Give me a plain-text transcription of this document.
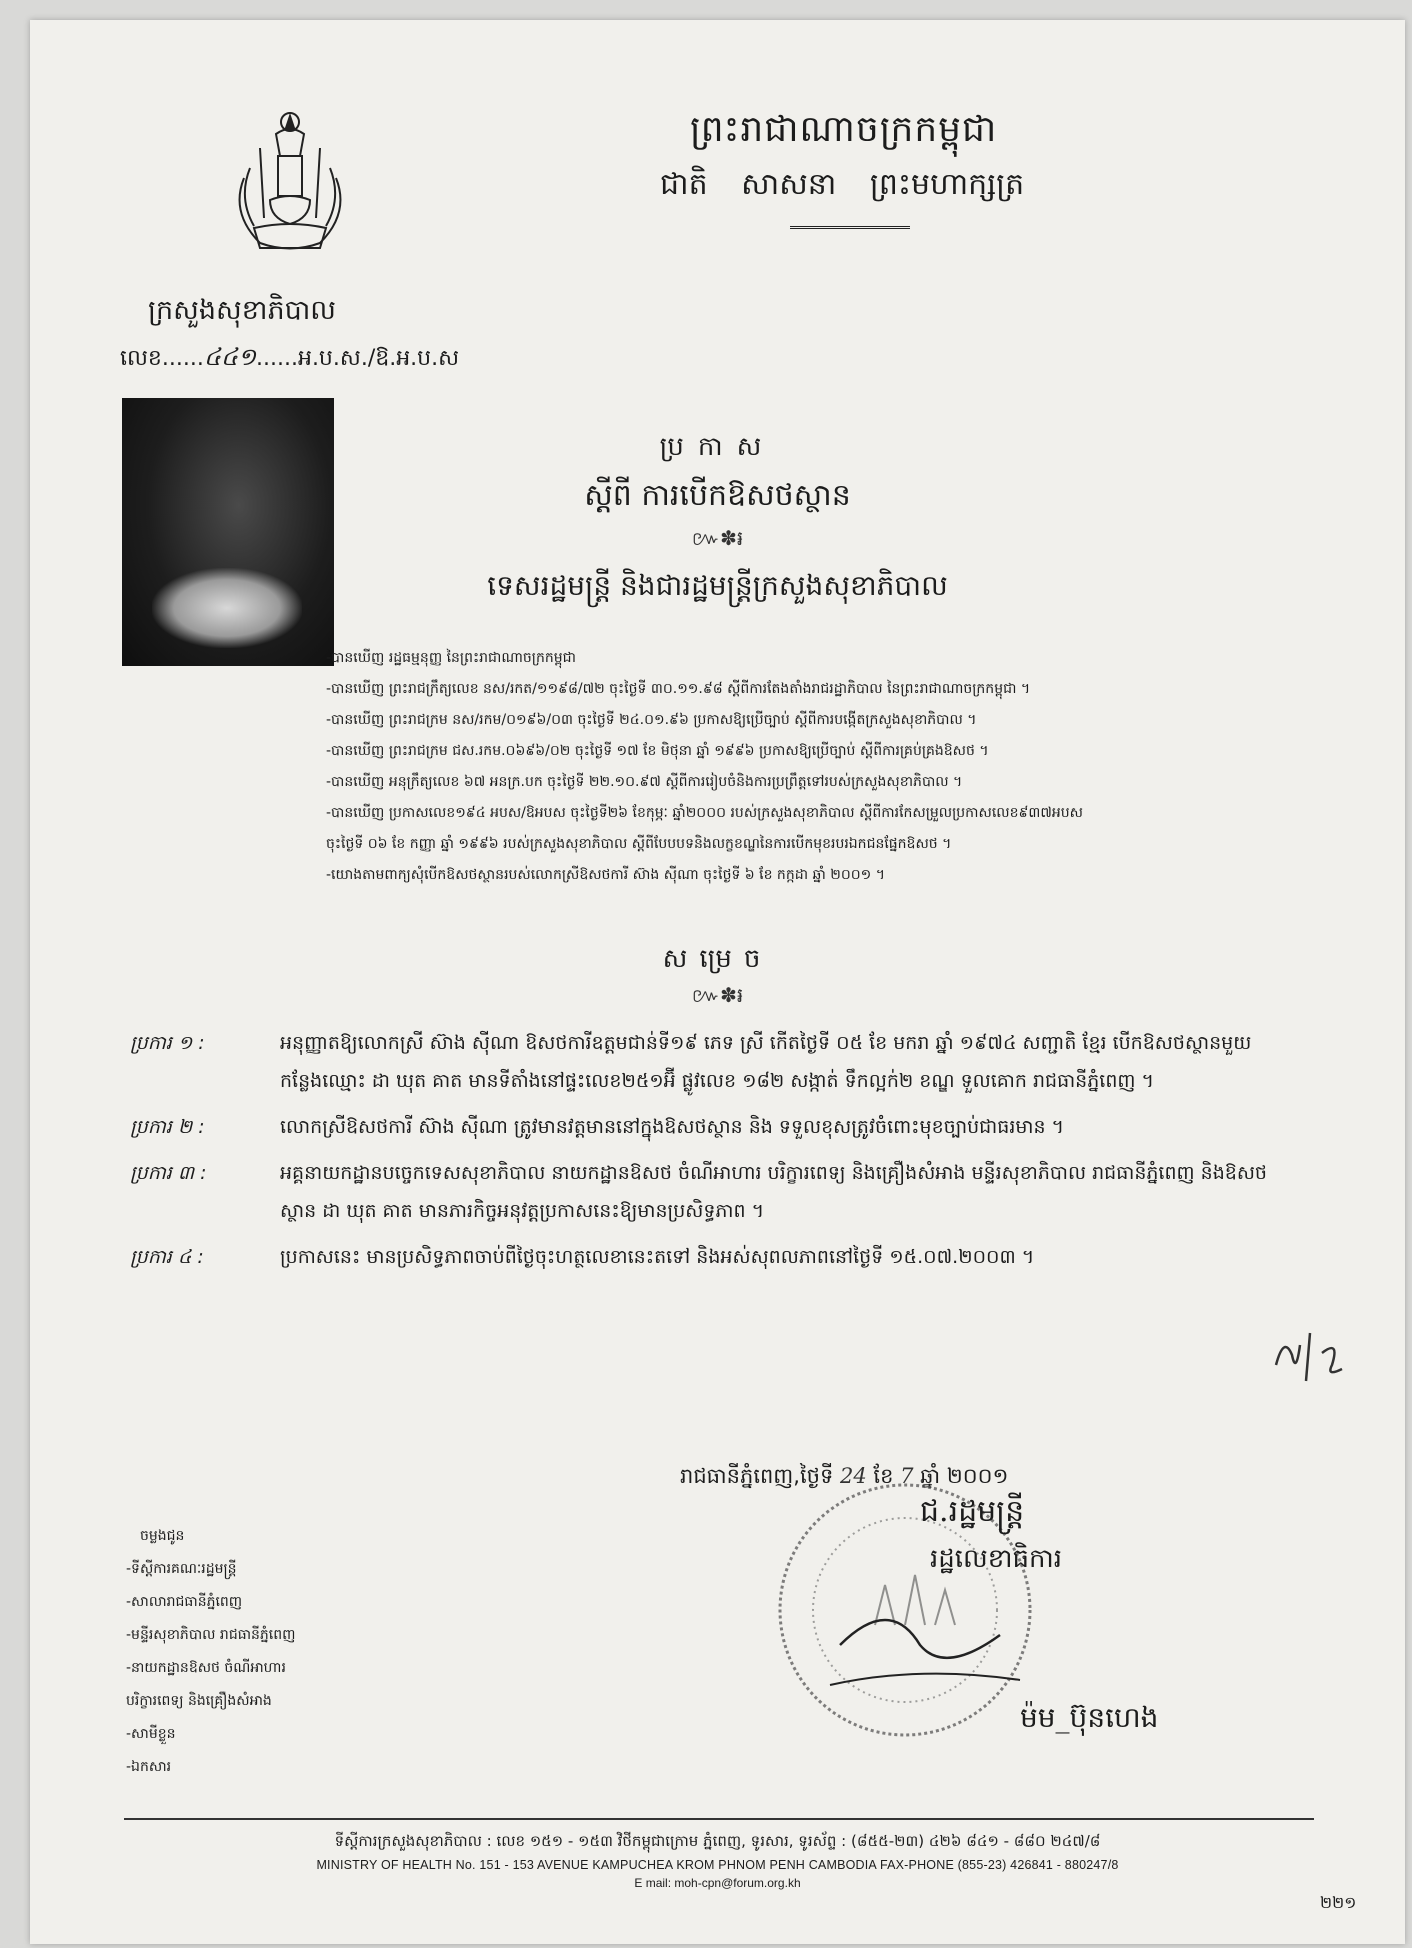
ព្រះរាជាណាចក្រកម្ពុជា
ជាតិ សាសនា ព្រះមហាក្សត្រ
ក្រសួងសុខាភិបាល
លេខ......៤៤១......អ.ប.ស./ឱ.អ.ប.ស
ប្រកាស
ស្តីពី ការបើកឱសថស្ថាន
៚✽៛
ទេសរដ្ឋមន្ត្រី និងជារដ្ឋមន្ត្រីក្រសួងសុខាភិបាល
-បានឃើញ រដ្ឋធម្មនុញ្ញ នៃព្រះរាជាណាចក្រកម្ពុជា
-បានឃើញ ព្រះរាជក្រឹត្យលេខ នស/រកត/១១៩៨/៧២ ចុះថ្ងៃទី ៣០.១១.៩៨ ស្តីពីការតែងតាំងរាជរដ្ឋាភិបាល នៃព្រះរាជាណាចក្រកម្ពុជា ។
-បានឃើញ ព្រះរាជក្រម នស/រកម/០១៩៦/០៣ ចុះថ្ងៃទី ២៤.០១.៩៦ ប្រកាសឱ្យប្រើច្បាប់ ស្តីពីការបង្កើតក្រសួងសុខាភិបាល ។
-បានឃើញ ព្រះរាជក្រម ជស.រកម.០៦៩៦/០២ ចុះថ្ងៃទី ១៧ ខែ មិថុនា ឆ្នាំ ១៩៩៦ ប្រកាសឱ្យប្រើច្បាប់ ស្តីពីការគ្រប់គ្រងឱសថ ។
-បានឃើញ អនុក្រឹត្យលេខ ៦៧ អនក្រ.បក ចុះថ្ងៃទី ២២.១០.៩៧ ស្តីពីការរៀបចំនិងការប្រព្រឹត្តទៅរបស់ក្រសួងសុខាភិបាល ។
-បានឃើញ ប្រកាសលេខ១៩៤ អបស/ឱអបស ចុះថ្ងៃទី២៦ ខែកុម្ភៈ ឆ្នាំ២០០០ របស់ក្រសួងសុខាភិបាល ស្តីពីការកែសម្រួលប្រកាសលេខ៩៣៧អបស
ចុះថ្ងៃទី ០៦ ខែ កញ្ញា ឆ្នាំ ១៩៩៦ របស់ក្រសួងសុខាភិបាល ស្តីពីបែបបទនិងលក្ខខណ្ឌនៃការបើកមុខរបរឯកជនផ្នែកឱសថ ។
-យោងតាមពាក្យសុំបើកឱសថស្ថានរបស់លោកស្រីឱសថការី ស៊ាង ស៊ីណា ចុះថ្ងៃទី ៦ ខែ កក្កដា ឆ្នាំ ២០០១ ។
សម្រេច
៚✽៛
ប្រការ ១ :	អនុញ្ញាតឱ្យលោកស្រី ស៊ាង ស៊ីណា ឱសថការីឧត្តមជាន់ទី១៩ ភេទ ស្រី កើតថ្ងៃទី ០៥ ខែ មករា ឆ្នាំ ១៩៧៤ សញ្ជាតិ ខ្មែរ បើកឱសថស្ថានមួយកន្លែងឈ្មោះ ដា ឃុត គាត មានទីតាំងនៅផ្ទះលេខ២៥១អ៊ី ផ្លូវលេខ ១៨២ សង្កាត់ ទឹកល្អក់២ ខណ្ឌ ទួលគោក រាជធានីភ្នំពេញ ។
ប្រការ ២ :	លោកស្រីឱសថការី ស៊ាង ស៊ីណា ត្រូវមានវត្តមាននៅក្នុងឱសថស្ថាន និង ទទួលខុសត្រូវចំពោះមុខច្បាប់ជាធរមាន ។
ប្រការ ៣ :	អគ្គនាយកដ្ឋានបច្ចេកទេសសុខាភិបាល នាយកដ្ឋានឱសថ ចំណីអាហារ បរិក្ខារពេទ្យ និងគ្រឿងសំអាង មន្ទីរសុខាភិបាល រាជធានីភ្នំពេញ និងឱសថស្ថាន ដា ឃុត គាត មានភារកិច្ចអនុវត្តប្រកាសនេះឱ្យមានប្រសិទ្ធភាព ។
ប្រការ ៤ :	ប្រកាសនេះ មានប្រសិទ្ធភាពចាប់ពីថ្ងៃចុះហត្ថលេខានេះតទៅ និងអស់សុពលភាពនៅថ្ងៃទី ១៥.០៧.២០០៣ ។
រាជធានីភ្នំពេញ,ថ្ងៃទី 24 ខែ 7 ឆ្នាំ ២០០១
ជ.រដ្ឋមន្ត្រី
រដ្ឋលេខាធិការ
ម៉ម_ប៊ុនហេង
ចម្លងជូន
-ទីស្តីការគណៈរដ្ឋមន្ត្រី
-សាលារាជធានីភ្នំពេញ
-មន្ទីរសុខាភិបាល រាជធានីភ្នំពេញ
-នាយកដ្ឋានឱសថ ចំណីអាហារ
បរិក្ខារពេទ្យ និងគ្រឿងសំអាង
-សាមីខ្លួន
-ឯកសារ
ទីស្តីការក្រសួងសុខាភិបាល : លេខ ១៥១ - ១៥៣ វិថីកម្ពុជាក្រោម ភ្នំពេញ, ទូរសារ, ទូរស័ព្ទ : (៨៥៥-២៣) ៤២៦ ៨៤១ - ៨៨០ ២៤៧/៨
MINISTRY OF HEALTH No. 151 - 153 AVENUE KAMPUCHEA KROM PHNOM PENH CAMBODIA FAX-PHONE (855-23) 426841 - 880247/8
E mail: moh-cpn@forum.org.kh
២២១
